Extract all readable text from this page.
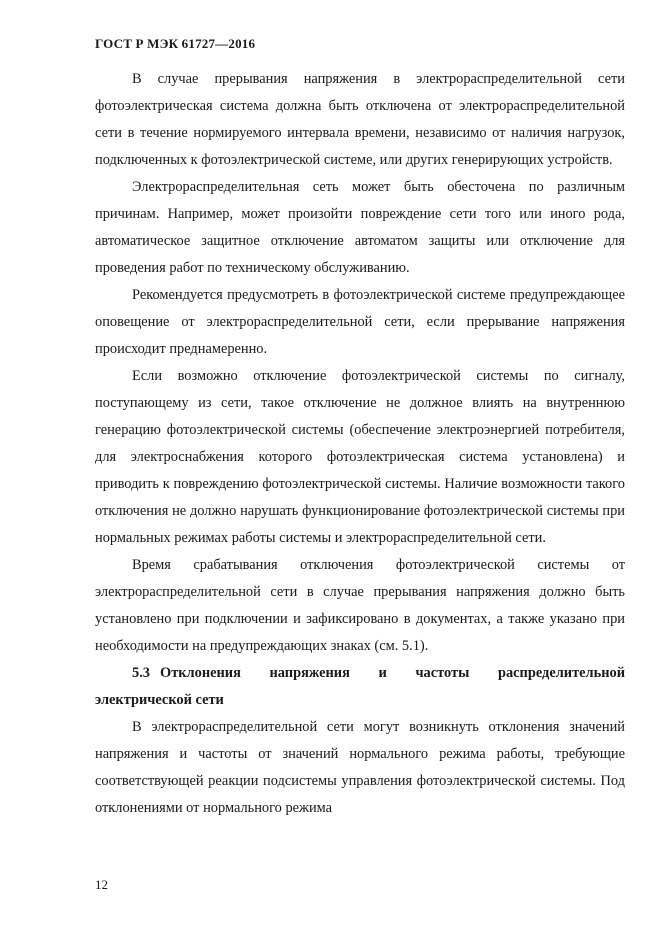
ГОСТ Р МЭК 61727—2016

В случае прерывания напряжения в электрораспределительной сети фотоэлектрическая система должна быть отключена от электрораспределительной сети в течение нормируемого интервала времени, независимо от наличия нагрузок, подключенных к фотоэлектрической системе, или других генерирующих устройств.

Электрораспределительная сеть может быть обесточена по различным причинам. Например, может произойти повреждение сети того или иного рода, автоматическое защитное отключение автоматом защиты или отключение для проведения работ по техническому обслуживанию.

Рекомендуется предусмотреть в фотоэлектрической системе предупреждающее оповещение от электрораспределительной сети, если прерывание напряжения происходит преднамеренно.

Если возможно отключение фотоэлектрической системы по сигналу, поступающему из сети, такое отключение не должное влиять на внутреннюю генерацию фотоэлектрической системы (обеспечение электроэнергией потребителя, для электроснабжения которого фотоэлектрическая система установлена) и приводить к повреждению фотоэлектрической системы. Наличие возможности такого отключения не должно нарушать функционирование фотоэлектрической системы при нормальных режимах работы системы и электрораспределительной сети.

Время срабатывания отключения фотоэлектрической системы от электрораспределительной сети в случае прерывания напряжения должно быть установлено при подключении и зафиксировано в документах, а также указано при необходимости на предупреждающих знаках (см. 5.1).

5.3 Отклонения напряжения и частоты распределительной электрической сети

В электрораспределительной сети могут возникнуть отклонения значений напряжения и частоты от значений нормального режима работы, требующие соответствующей реакции подсистемы управления фотоэлектрической системы. Под отклонениями от нормального режима

12
